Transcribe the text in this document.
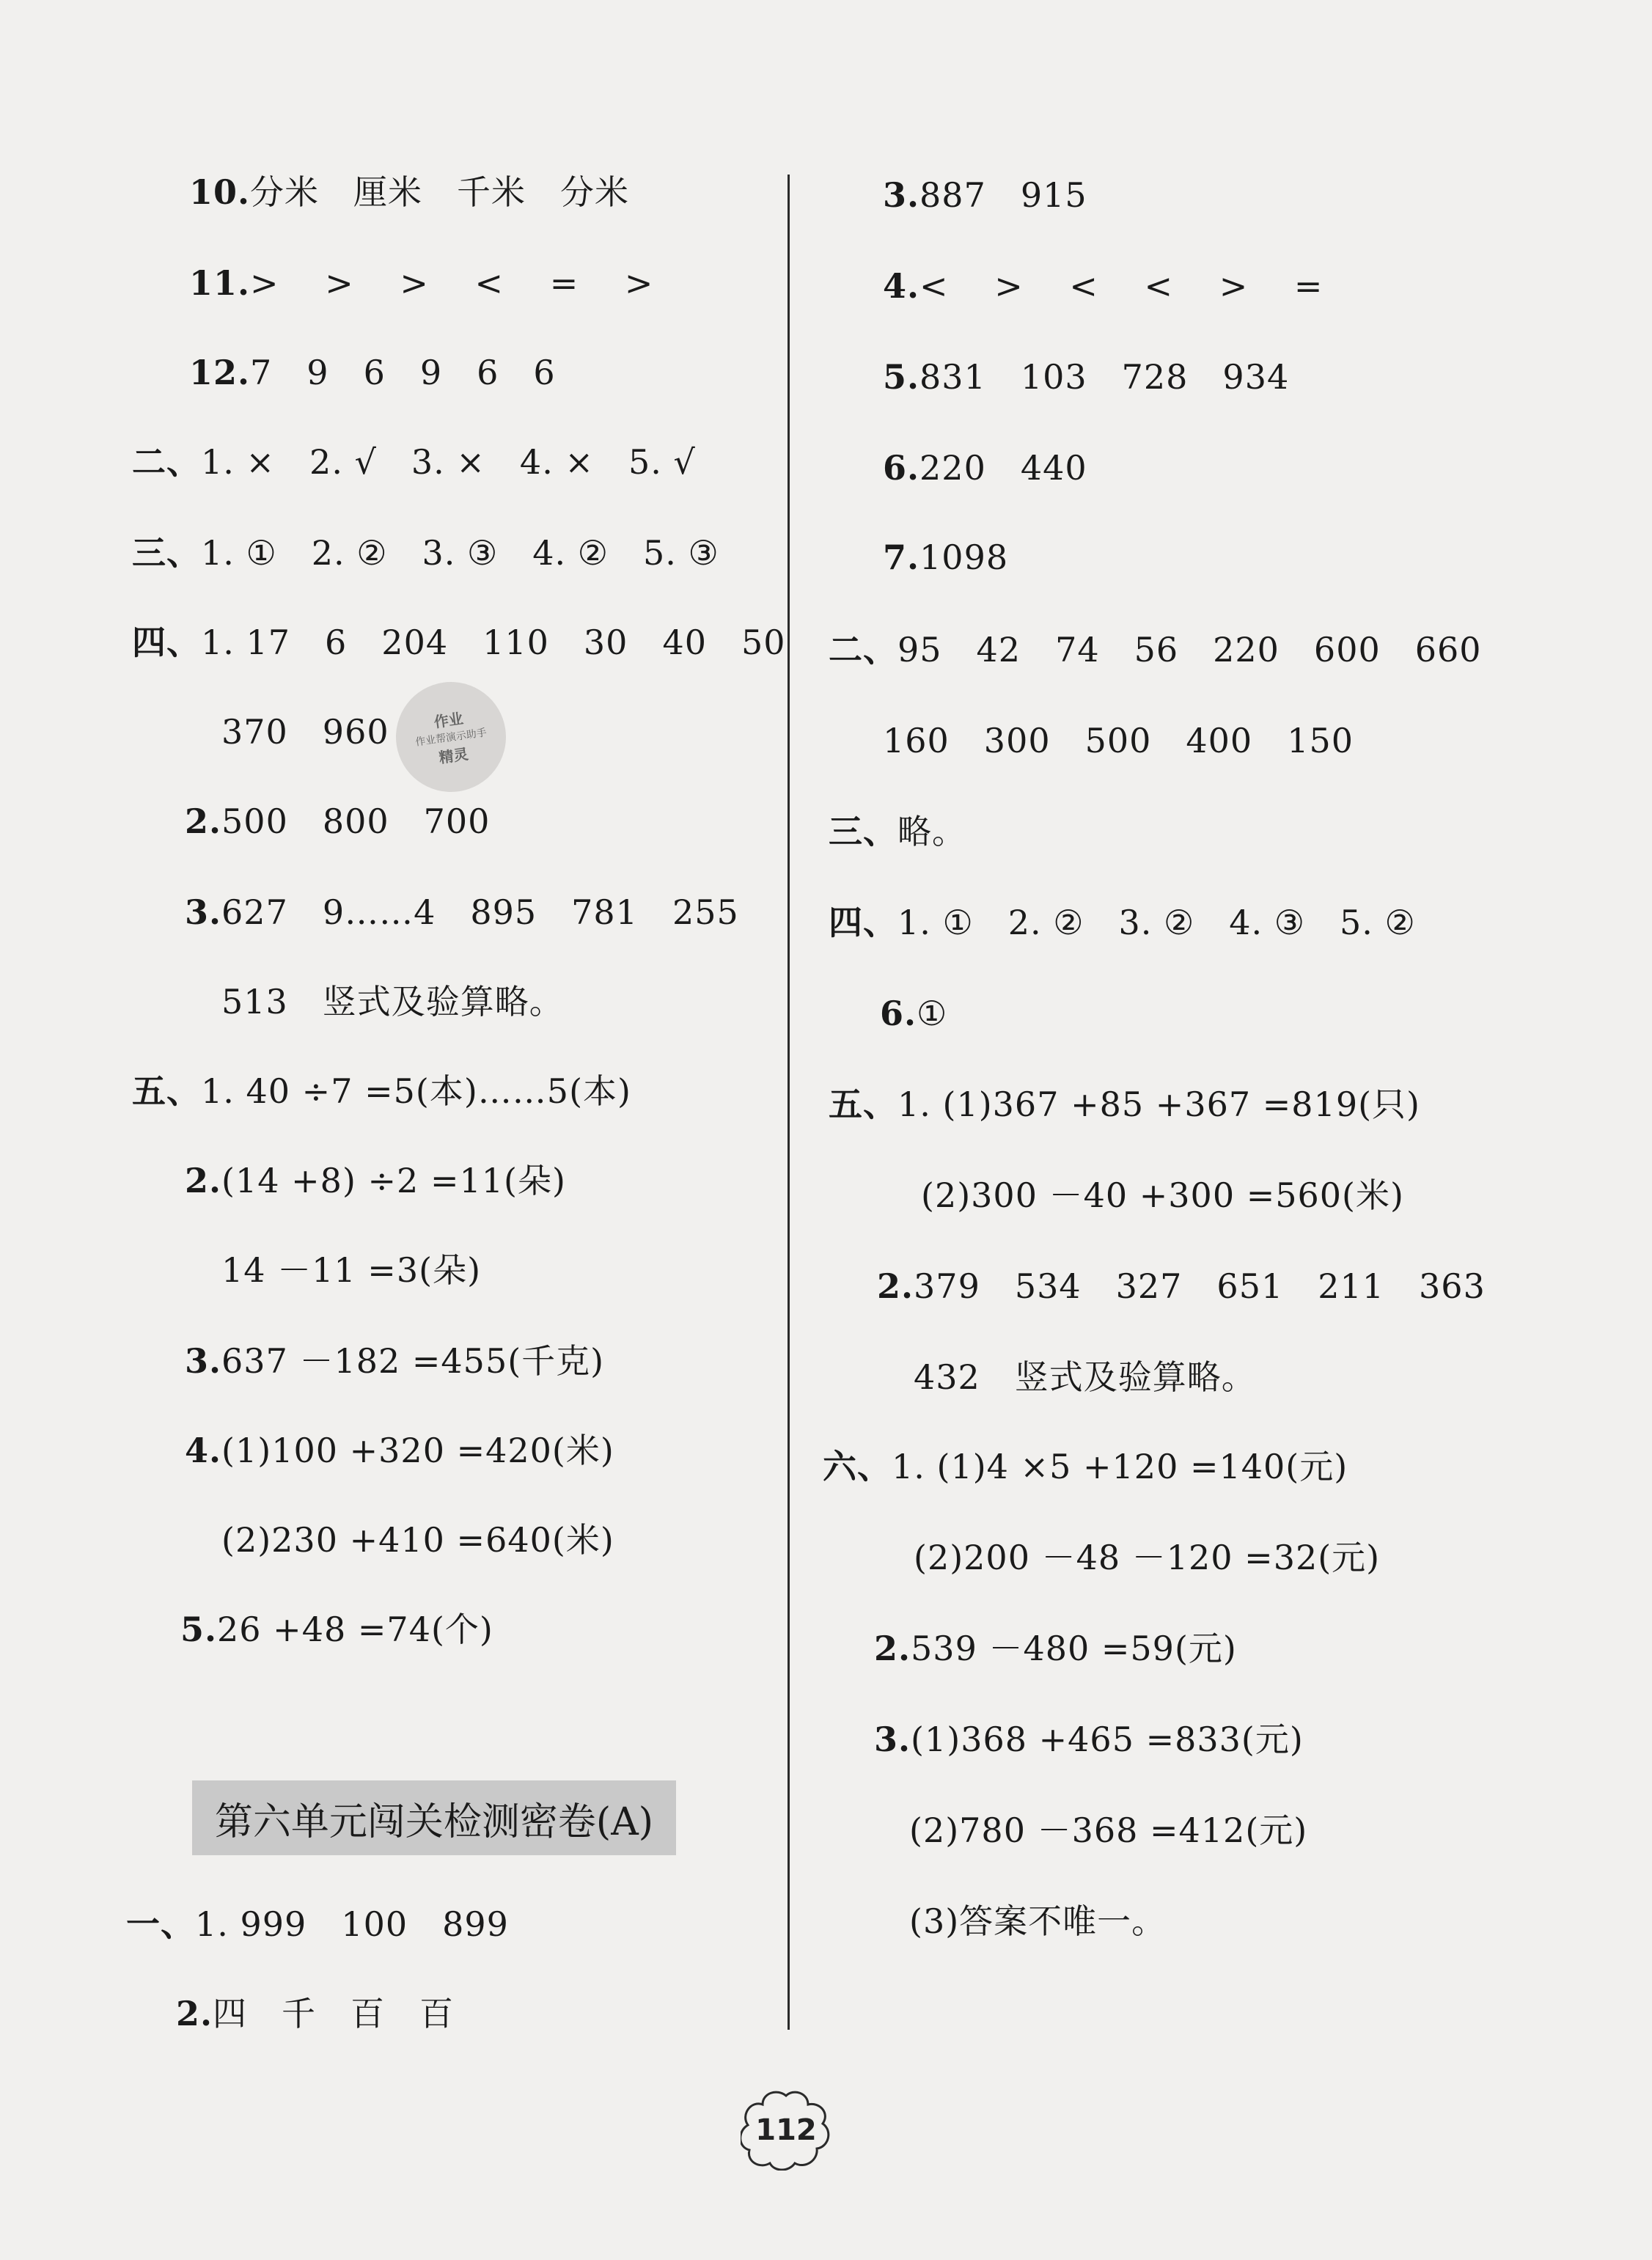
10.分米　厘米　千米　分米
11.>　 >　 >　 <　 =　 >
12.7　9　6　9　6　6
二、1. ×　2. √　3. ×　4. ×　5. √
三、1. ①　2. ②　3. ③　4. ②　5. ③
四、1. 17　6　204　110　30　40　50
370　960
2.500　800　700
3.627　9……4　895　781　255
513　竖式及验算略。
五、1. 40 ÷7 =5(本)……5(本)
2.(14 +8) ÷2 =11(朵)
14 －11 =3(朵)
3.637 －182 =455(千克)
4.(1)100 +320 =420(米)
(2)230 +410 =640(米)
5.26 +48 =74(个)
作业
作业帮演示助手
精灵
第六单元闯关检测密卷(A)
一、1. 999　100　899
2.四　千　百　百
3.887　915
4.<　 >　 <　 <　 >　 =
5.831　103　728　934
6.220　440
7.1098
二、95　42　74　56　220　600　660
160　300　500　400　150
三、略。
四、1. ①　2. ②　3. ②　4. ③　5. ②
6.①
五、1. (1)367 +85 +367 =819(只)
(2)300 －40 +300 =560(米)
2.379　534　327　651　211　363
432　竖式及验算略。
六、1. (1)4 ×5 +120 =140(元)
(2)200 －48 －120 =32(元)
2.539 －480 =59(元)
3.(1)368 +465 =833(元)
(2)780 －368 =412(元)
(3)答案不唯一。
112
